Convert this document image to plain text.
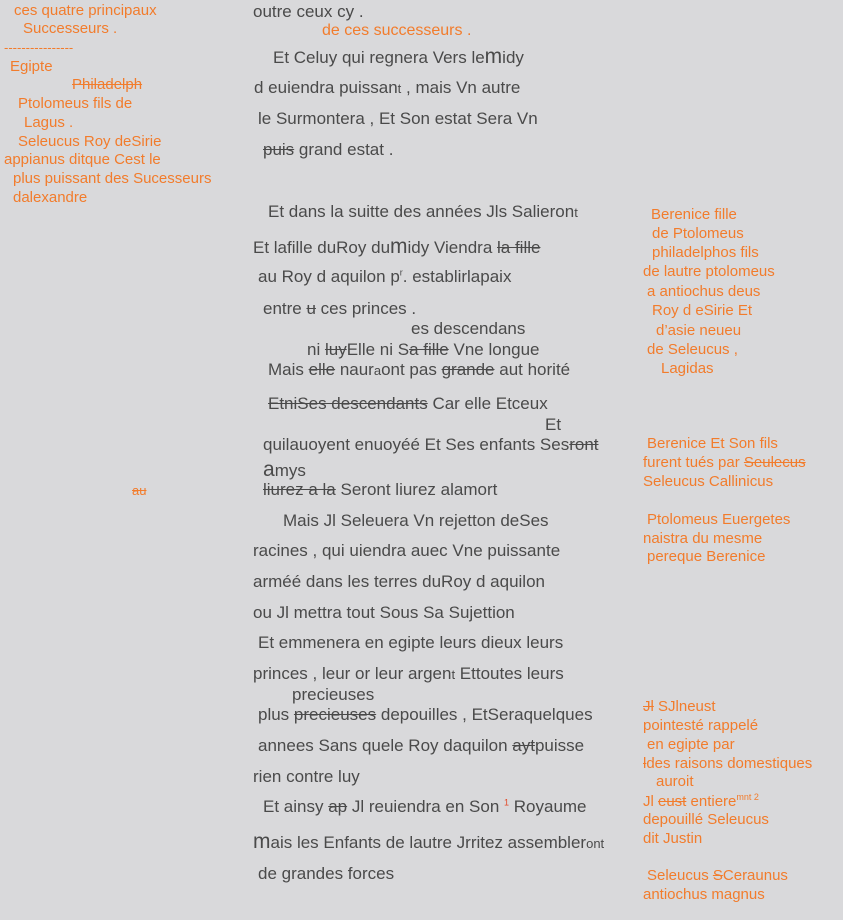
ces quatre principaux
Successeurs .
----------------
Egipte
Philadelph
Ptolomeus fils de
Lagus .
Seleucus Roy deSirie
appianus ditque Cest le
plus puissant des Sucesseurs
dalexandre
au
outre ceux cy .
de ces successeurs .
Et Celuy qui regnera Vers lemidy
d euiendra puissant , mais Vn autre
le Surmontera , Et Son estat Sera Vn
puis grand estat .
Et dans la suitte des années Jls Salieront
Et lafille duRoy dumidy Viendra la fille
au Roy d aquilon $p^r$. establirlapaix
entre u ces princes .
es descendans
ni luyElle ni Sa fille Vne longue
Mais elle nauraont pas grande aut horité
EtniSes descendants Car elle Etceux
Et
quilauoyent enuoyéé Et Ses enfants Sesront
amys
liurez a la Seront liurez alamort
Mais Jl Seleuera Vn rejetton deSes
racines , qui uiendra auec Vne puissante
arméé dans les terres duRoy d aquilon
ou Jl mettra tout Sous Sa Sujettion
Et emmenera en egipte leurs dieux leurs
princes , leur or leur argent Ettoutes leurs
precieuses
plus precieuses depouilles , EtSeraquelques
annees Sans quele Roy daquilon aytpuisse
rien contre luy
Et ainsy ap Jl reuiendra en Son $^1$ Royaume
mais les Enfants de lautre Jrritez assembleront
de grandes forces
Berenice fille
de Ptolomeus
philadelphos fils
de lautre ptolomeus
a antiochus deus
Roy d eSirie Et
d’asie neueu
de Seleucus ,
Lagidas
Berenice Et Son fils
furent tués par Seulecus
Seleucus Callinicus
Ptolomeus Euergetes
naistra du mesme
pereque Berenice
Jl SJlneust
pointesté rappelé
en egipte par
ldes raisons domestiques
auroit
Jl eust entiere$^{mnt 2}$
depouillé Seleucus
dit Justin
Seleucus SCeraunus
antiochus magnus
